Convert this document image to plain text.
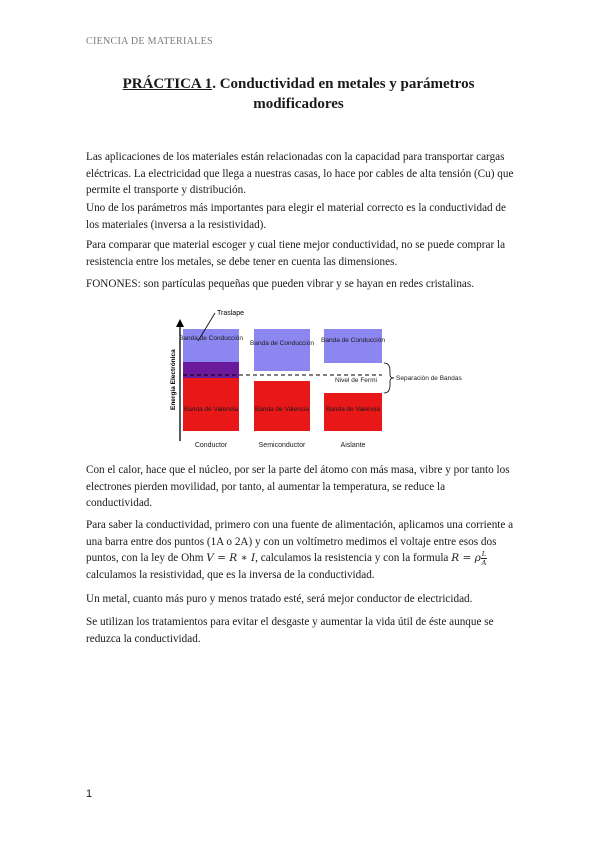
CIENCIA DE MATERIALES
PRÁCTICA 1. Conductividad en metales y parámetros modificadores

Las aplicaciones de los materiales están relacionadas con la capacidad para transportar cargas eléctricas. La electricidad que llega a nuestras casas, lo hace por cables de alta tensión (Cu) que permite el transporte y distribución.

Uno de los parámetros más importantes para elegir el material correcto es la conductividad de los materiales (inversa a la resistividad).

Para comparar que material escoger y cual tiene mejor conductividad, no se puede comprar la resistencia entre los metales, se debe tener en cuenta las dimensiones.

FONONES: son partículas pequeñas que pueden vibrar y se hayan en redes cristalinas.

Energía Electrónica
Traslape
Banda de Conducción
Banda de Conducción Banda de Conducción
Banda de Valencia	Banda de Valencia	Banda de Valencia
Nivel de Fermi	Separación de Bandas
Conductor	Semiconductor	Aislante

Con el calor, hace que el núcleo, por ser la parte del átomo con más masa, vibre y por tanto los electrones pierden movilidad, por tanto, al aumentar la temperatura, se reduce la conductividad.

Para saber la conductividad, primero con una fuente de alimentación, aplicamos una corriente a una barra entre dos puntos (1A o 2A) y con un voltímetro medimos el voltaje entre esos dos puntos, con la ley de Ohm V = R ∗ I, calculamos la resistencia y con la formula R = ρ $\frac{L}{A}$
calculamos la resistividad, que es la inversa de la conductividad.

Un metal, cuanto más puro y menos tratado esté, será mejor conductor de electricidad.

Se utilizan los tratamientos para evitar el desgaste y aumentar la vida útil de éste aunque se reduzca la conductividad.

1
